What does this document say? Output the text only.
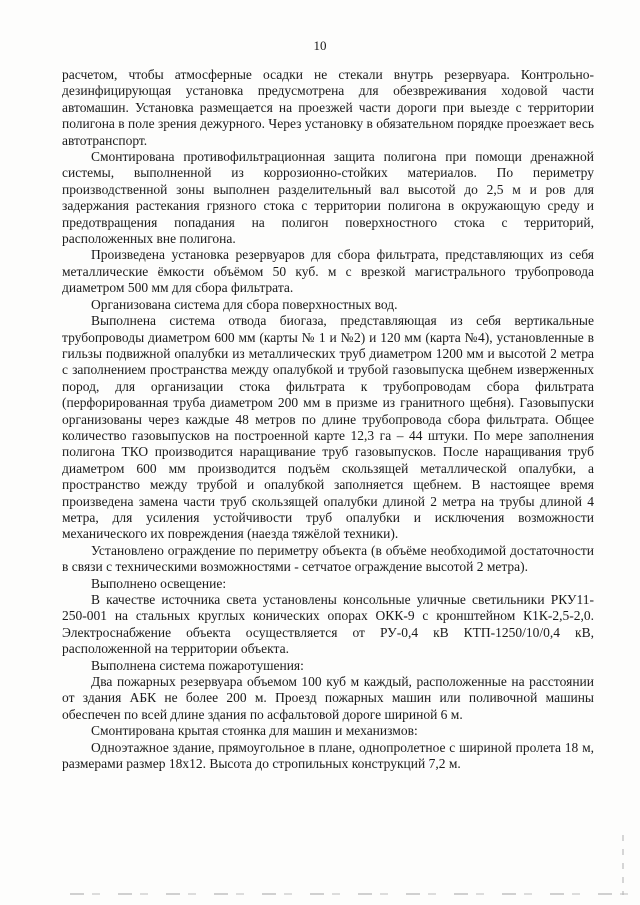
10

расчетом, чтобы атмосферные осадки не стекали внутрь резервуара. Контрольно-дезинфицирующая установка предусмотрена для обезвреживания ходовой части автомашин. Установка размещается на проезжей части дороги при выезде с территории полигона в поле зрения дежурного. Через установку в обязательном порядке проезжает весь автотранспорт.

Смонтирована противофильтрационная защита полигона при помощи дренажной системы, выполненной из коррозионно-стойких материалов. По периметру производственной зоны выполнен разделительный вал высотой до 2,5 м и ров для задержания растекания грязного стока с территории полигона в окружающую среду и предотвращения попадания на полигон поверхностного стока с территорий, расположенных вне полигона.

Произведена установка резервуаров для сбора фильтрата, представляющих из себя металлические ёмкости объёмом 50 куб. м с врезкой магистрального трубопровода диаметром 500 мм для сбора фильтрата.

Организована система для сбора поверхностных вод.

Выполнена система отвода биогаза, представляющая из себя вертикальные трубопроводы диаметром 600 мм (карты № 1 и №2) и 120 мм (карта №4), установленные в гильзы подвижной опалубки из металлических труб диаметром 1200 мм и высотой 2 метра с заполнением пространства между опалубкой и трубой газовыпуска щебнем изверженных пород, для организации стока фильтрата к трубопроводам сбора фильтрата (перфорированная труба диаметром 200 мм в призме из гранитного щебня). Газовыпуски организованы через каждые 48 метров по длине трубопровода сбора фильтрата. Общее количество газовыпусков на построенной карте 12,3 га – 44 штуки. По мере заполнения полигона ТКО производится наращивание труб газовыпусков. После наращивания труб диаметром 600 мм производится подъём скользящей металлической опалубки, а пространство между трубой и опалубкой заполняется щебнем. В настоящее время произведена замена части труб скользящей опалубки длиной 2 метра на трубы длиной 4 метра, для усиления устойчивости труб опалубки и исключения возможности механического их повреждения (наезда тяжёлой техники).

Установлено ограждение по периметру объекта (в объёме необходимой достаточности в связи с техническими возможностями - сетчатое ограждение высотой 2 метра).

Выполнено освещение:

В качестве источника света установлены консольные уличные светильники РКУ11-250-001 на стальных круглых конических опорах ОКК-9 с кронштейном К1К-2,5-2,0. Электроснабжение объекта осуществляется от РУ-0,4 кВ КТП-1250/10/0,4 кВ, расположенной на территории объекта.

Выполнена система пожаротушения:

Два пожарных резервуара объемом 100 куб м каждый, расположенные на расстоянии от здания АБК не более 200 м. Проезд пожарных машин или поливочной машины обеспечен по всей длине здания по асфальтовой дороге шириной 6 м.

Смонтирована крытая стоянка для машин и механизмов:

Одноэтажное здание, прямоугольное в плане, однопролетное с шириной пролета 18 м, размерами размер 18х12. Высота до стропильных конструкций 7,2 м.
